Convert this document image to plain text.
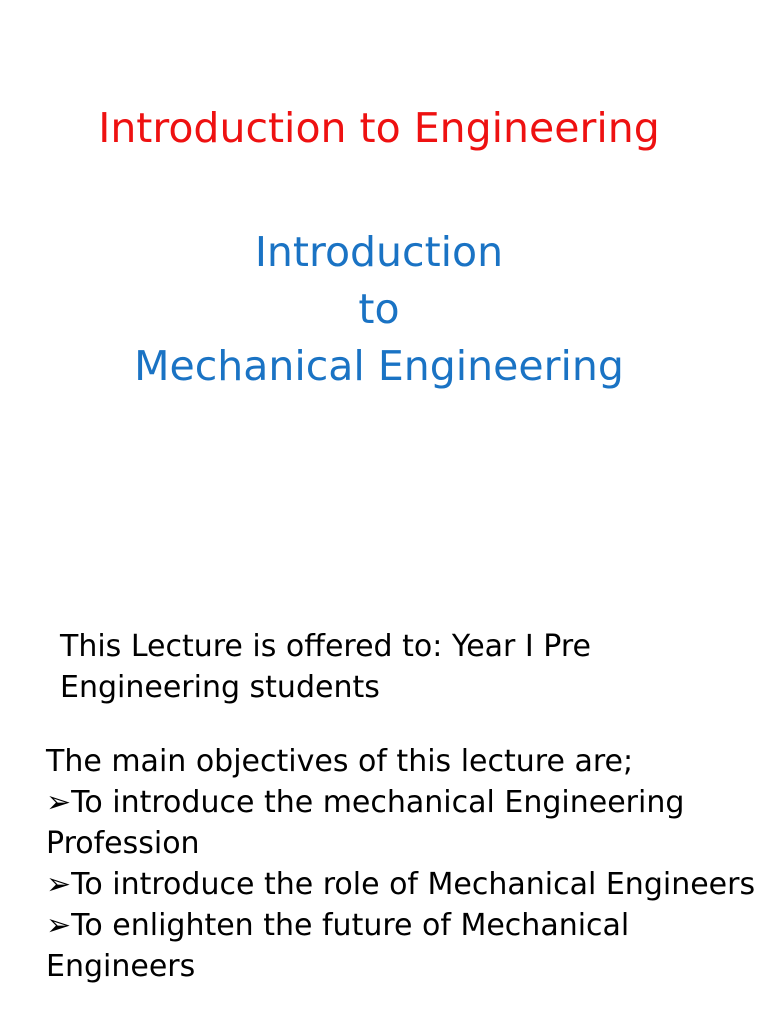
Introduction to Engineering
Introduction
to
Mechanical Engineering

This Lecture is offered to: Year I Pre Engineering students

The main objectives of this lecture are;
➢To introduce the mechanical Engineering Profession
➢To introduce the role of Mechanical Engineers
➢To enlighten the future of Mechanical Engineers
